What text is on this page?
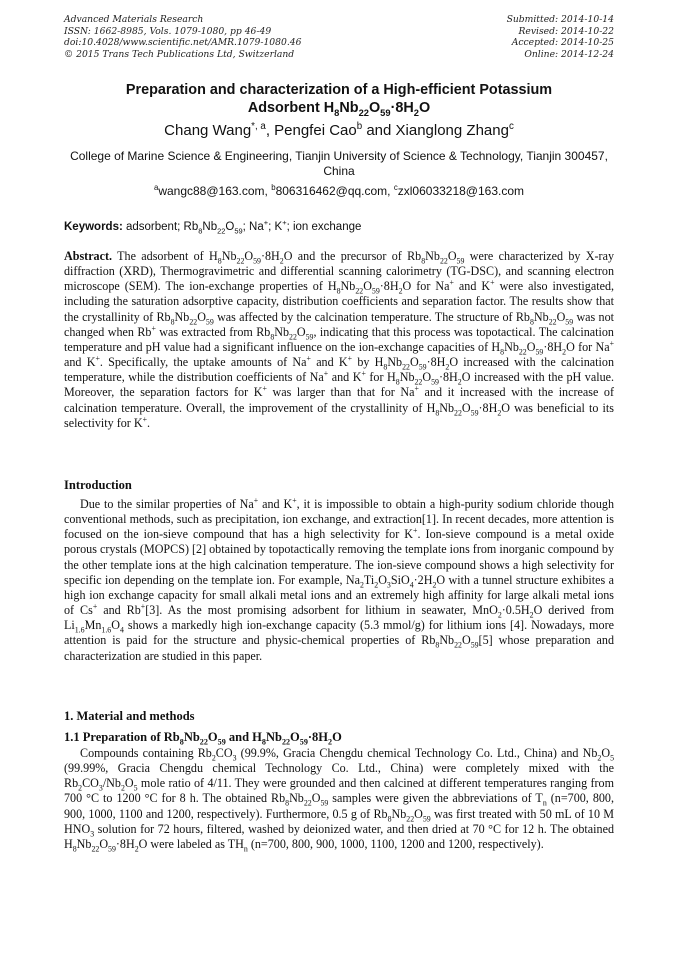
Advanced Materials Research
ISSN: 1662-8985, Vols. 1079-1080, pp 46-49
doi:10.4028/www.scientific.net/AMR.1079-1080.46
© 2015 Trans Tech Publications Ltd, Switzerland
Submitted: 2014-10-14
Revised: 2014-10-22
Accepted: 2014-10-25
Online: 2014-12-24
Preparation and characterization of a High-efficient Potassium
Adsorbent $H_8Nb_{22}O_{59}\cdot 8H_2O$
Chang Wang$^{*, a}$, Pengfei Cao$^b$ and Xianglong Zhang$^c$
College of Marine Science & Engineering, Tianjin University of Science & Technology, Tianjin 300457, China
$^a$wangc88@163.com, $^b$806316462@qq.com, $^c$zxl06033218@163.com
Keywords: adsorbent; $Rb_8Nb_{22}O_{59}$; Na+; K+; ion exchange

Abstract. The adsorbent of $H_8Nb_{22}O_{59}\cdot 8H_2O$ and the precursor of $Rb_8Nb_{22}O_{59}$ were characterized by X-ray diffraction (XRD), Thermogravimetric and differential scanning calorimetry (TG-DSC), and scanning electron microscope (SEM). The ion-exchange properties of $H_8Nb_{22}O_{59}\cdot 8H_2O$ for Na+ and K+ were also investigated, including the saturation adsorptive capacity, distribution coefficients and separation factor. The results show that the crystallinity of $Rb_8Nb_{22}O_{59}$ was affected by the calcination temperature. The structure of $Rb_8Nb_{22}O_{59}$ was not changed when Rb+ was extracted from $Rb_8Nb_{22}O_{59}$, indicating that this process was topotactical. The calcination temperature and pH value had a significant influence on the ion-exchange capacities of $H_8Nb_{22}O_{59}\cdot 8H_2O$ for Na+ and K+. Specifically, the uptake amounts of Na+ and K+ by $H_8Nb_{22}O_{59}\cdot 8H_2O$ increased with the calcination temperature, while the distribution coefficients of Na+ and K+ for $H_8Nb_{22}O_{59}\cdot 8H_2O$ increased with the pH value. Moreover, the separation factors for K+ was larger than that for Na+ and it increased with the increase of calcination temperature. Overall, the improvement of the crystallinity of $H_8Nb_{22}O_{59}\cdot 8H_2O$ was beneficial to its selectivity for K+.

Introduction

Due to the similar properties of Na+ and K+, it is impossible to obtain a high-purity sodium chloride though conventional methods, such as precipitation, ion exchange, and extraction[1]. In recent decades, more attention is focused on the ion-sieve compound that has a high selectivity for K+. Ion-sieve compound is a metal oxide porous crystals (MOPCS) [2] obtained by topotactically removing the template ions from inorganic compound by the other template ions at the high calcination temperature. The ion-sieve compound shows a high selectivity for specific ion depending on the template ion. For example, $Na_2Ti_2O_3SiO_4\cdot 2H_2O$ with a tunnel structure exhibites a high ion exchange capacity for small alkali metal ions and an extremely high affinity for large alkali metal ions of Cs+ and Rb+[3]. As the most promising adsorbent for lithium in seawater, $MnO_2\cdot 0.5H_2O$ derived from $Li_{1.6}Mn_{1.6}O_4$ shows a markedly high ion-exchange capacity (5.3 mmol/g) for lithium ions [4]. Nowadays, more attention is paid for the structure and physic-chemical properties of $Rb_8Nb_{22}O_{59}[5]$ whose preparation and characterization are studied in this paper.

1. Material and methods
1.1 Preparation of $Rb_8Nb_{22}O_{59}$ and $H_8Nb_{22}O_{59}\cdot 8H_2O$

Compounds containing $Rb_2CO_3$ (99.9%, Gracia Chengdu chemical Technology Co. Ltd., China) and $Nb_2O_5$ (99.99%, Gracia Chengdu chemical Technology Co. Ltd., China) were completely mixed with the $Rb_2CO_3/Nb_2O_5$ mole ratio of 4/11. They were grounded and then calcined at different temperatures ranging from 700 °C to 1200 °C for 8 h. The obtained $Rb_8Nb_{22}O_{59}$ samples were given the abbreviations of $T_n$ (n=700, 800, 900, 1000, 1100 and 1200, respectively). Furthermore, 0.5 g of $Rb_8Nb_{22}O_{59}$ was first treated with 50 mL of 10 M $HNO_3$ solution for 72 hours, filtered, washed by deionized water, and then dried at 70 °C for 12 h. The obtained $H_8Nb_{22}O_{59}\cdot 8H_2O$ were labeled as $TH_n$ (n=700, 800, 900, 1000, 1100, 1200 and 1200, respectively).
